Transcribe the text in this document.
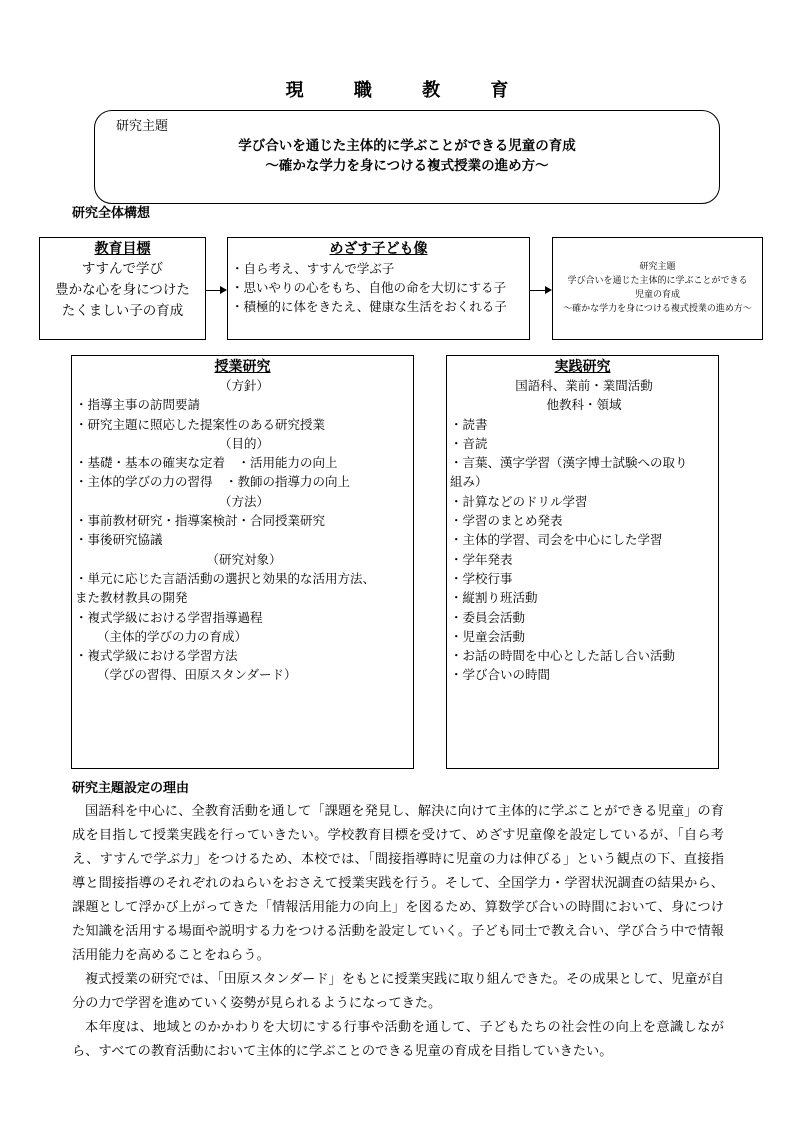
現 職 教 育
研究主題
学び合いを通じた主体的に学ぶことができる児童の育成
～確かな学力を身につける複式授業の進め方～
研究全体構想
教育目標
すすんで学び
豊かな心を身につけた
たくましい子の育成
めざす子ども像
・自ら考え、すすんで学ぶ子
・思いやりの心をもち、自他の命を大切にする子
・積極的に体をきたえ、健康な生活をおくれる子
研究主題
学び合いを通じた主体的に学ぶことができる
児童の育成
～確かな学力を身につける複式授業の進め方～
授業研究
（方針）
・指導主事の訪問要請
・研究主題に照応した提案性のある研究授業
（目的）
・基礎・基本の確実な定着　・活用能力の向上
・主体的学びの力の習得　・教師の指導力の向上
（方法）
・事前教材研究・指導案検討・合同授業研究
・事後研究協議
（研究対象）
・単元に応じた言語活動の選択と効果的な活用方法、
また教材教具の開発
・複式学級における学習指導過程
（主体的学びの力の育成）
・複式学級における学習方法
（学びの習得、田原スタンダード）
実践研究
国語科、業前・業間活動
他教科・領域
・読書
・音読
・言葉、漢字学習（漢字博士試験への取り
組み）
・計算などのドリル学習
・学習のまとめ発表
・主体的学習、司会を中心にした学習
・学年発表
・学校行事
・縦割り班活動
・委員会活動
・児童会活動
・お話の時間を中心とした話し合い活動
・学び合いの時間
研究主題設定の理由
国語科を中心に、全教育活動を通して「課題を発見し、解決に向けて主体的に学ぶことができる児童」の育成を目指して授業実践を行っていきたい。学校教育目標を受けて、めざす児童像を設定しているが、「自ら考え、すすんで学ぶ力」をつけるため、本校では、「間接指導時に児童の力は伸びる」という観点の下、直接指導と間接指導のそれぞれのねらいをおさえて授業実践を行う。そして、全国学力・学習状況調査の結果から、課題として浮かび上がってきた「情報活用能力の向上」を図るため、算数学び合いの時間において、身につけた知識を活用する場面や説明する力をつける活動を設定していく。子ども同士で教え合い、学び合う中で情報活用能力を高めることをねらう。
複式授業の研究では、「田原スタンダード」をもとに授業実践に取り組んできた。その成果として、児童が自分の力で学習を進めていく姿勢が見られるようになってきた。
本年度は、地域とのかかわりを大切にする行事や活動を通して、子どもたちの社会性の向上を意識しながら、すべての教育活動において主体的に学ぶことのできる児童の育成を目指していきたい。
